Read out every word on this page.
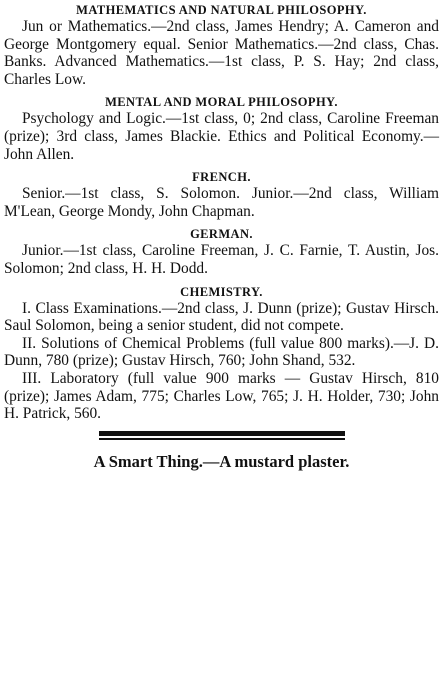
MATHEMATICS AND NATURAL PHILOSOPHY.

Jun or Mathematics.—2nd class, James Hendry; A. Cameron and George Montgomery equal. Senior Mathematics.—2nd class, Chas. Banks. Advanced Mathematics.—1st class, P. S. Hay; 2nd class, Charles Low.

MENTAL AND MORAL PHILOSOPHY.

Psychology and Logic.—1st class, 0; 2nd class, Caroline Freeman (prize); 3rd class, James Blackie. Ethics and Political Economy.—John Allen.

FRENCH.

Senior.—1st class, S. Solomon. Junior.—2nd class, William M'Lean, George Mondy, John Chapman.

GERMAN.

Junior.—1st class, Caroline Freeman, J. C. Farnie, T. Austin, Jos. Solomon; 2nd class, H. H. Dodd.

CHEMISTRY.

I. Class Examinations.—2nd class, J. Dunn (prize); Gustav Hirsch. Saul Solomon, being a senior student, did not compete.

II. Solutions of Chemical Problems (full value 800 marks).—J. D. Dunn, 780 (prize); Gustav Hirsch, 760; John Shand, 532.

III. Laboratory (full value 900 marks — Gustav Hirsch, 810 (prize); James Adam, 775; Charles Low, 765; J. H. Holder, 730; John H. Patrick, 560.

A Smart Thing.—A mustard plaster.
